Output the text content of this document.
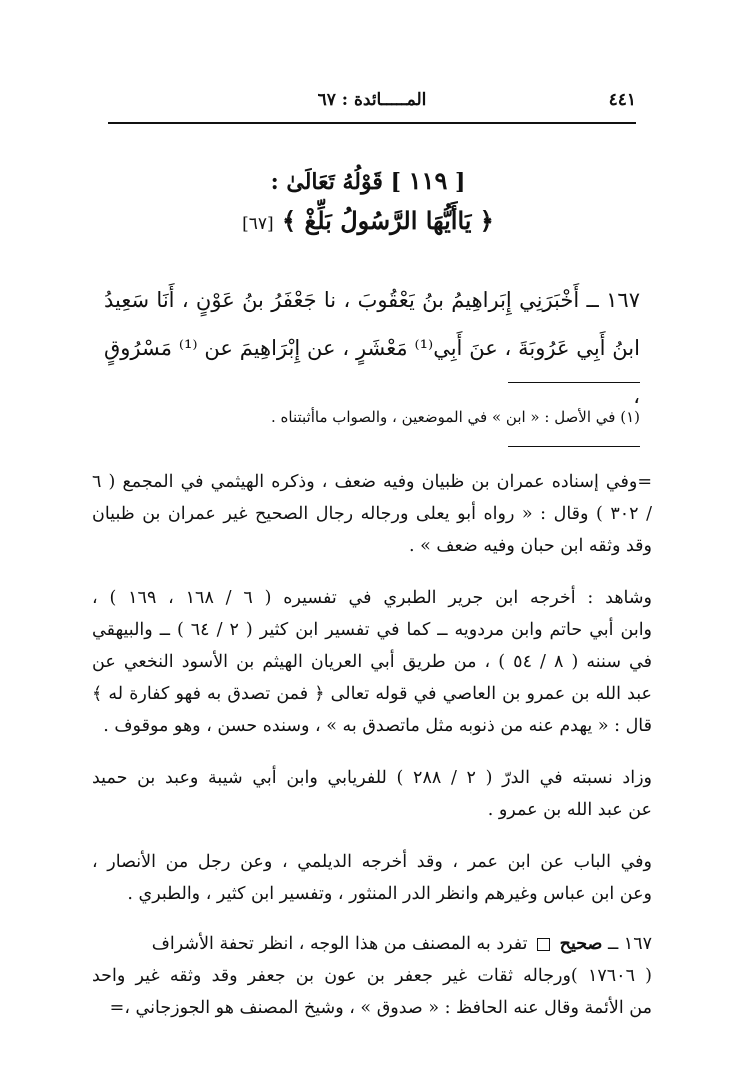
٤٤١
المـــــائدة : ٦٧
[ ١١٩ ] قَوْلُهُ تَعَالَىٰ :
﴿ يَاأَيُّهَا الرَّسُولُ بَلِّغْ ﴾ [٦٧]
١٦٧ ــ أَخْبَرَنِي إِبَراهِيمُ بنُ يَعْقُوبَ ، نا جَعْفَرُ بنُ عَوْنٍ ، أَنَا سَعِيدُ
ابنُ أَبِي عَرُوبَةَ ، عنَ أَبِي⁽¹⁾ مَعْشَرٍ ، عن إِبْرَاهِيمَ عن ⁽¹⁾ مَسْرُوقٍ ،
(١) في الأصل : « ابن » في الموضعين ، والصواب ماأثبتناه .

=وفي إسناده عمران بن ظبيان وفيه ضعف ، وذكره الهيثمي في المجمع ( ٦

/ ٣٠٢ ) وقال : « رواه أبو يعلى ورجاله رجال الصحيح غير عمران بن ظبيان

وقد وثقه ابن حبان وفيه ضعف » .

وشاهد : أخرجه ابن جرير الطبري في تفسيره ( ٦ / ١٦٨ ، ١٦٩ ) ،

وابن أبي حاتم وابن مردويه ــ كما في تفسير ابن كثير ( ٢ / ٦٤ ) ــ والبيهقي

في سننه ( ٨ / ٥٤ ) ، من طريق أبي العريان الهيثم بن الأسود النخعي عن

عبد الله بن عمرو بن العاصي في قوله تعالى ﴿ فمن تصدق به فهو كفارة له ﴾

قال : « يهدم عنه من ذنوبه مثل ماتصدق به » ، وسنده حسن ، وهو موقوف .

وزاد نسبته في الدرّ ( ٢ / ٢٨٨ ) للفريابي وابن أبي شيبة وعبد بن حميد

عن عبد الله بن عمرو .

وفي الباب عن ابن عمر ، وقد أخرجه الديلمي ، وعن رجل من الأنصار ،

وعن ابن عباس وغيرهم وانظر الدر المنثور ، وتفسير ابن كثير ، والطبري .

١٦٧ ــ صحيح  تفرد به المصنف من هذا الوجه ، انظر تحفة الأشراف

( ١٧٦٠٦ )ورجاله ثقات غير جعفر بن عون بن جعفر وقد وثقه غير واحد

من الأئمة وقال عنه الحافظ : « صدوق » ، وشيخ المصنف هو الجوزجاني ،=
